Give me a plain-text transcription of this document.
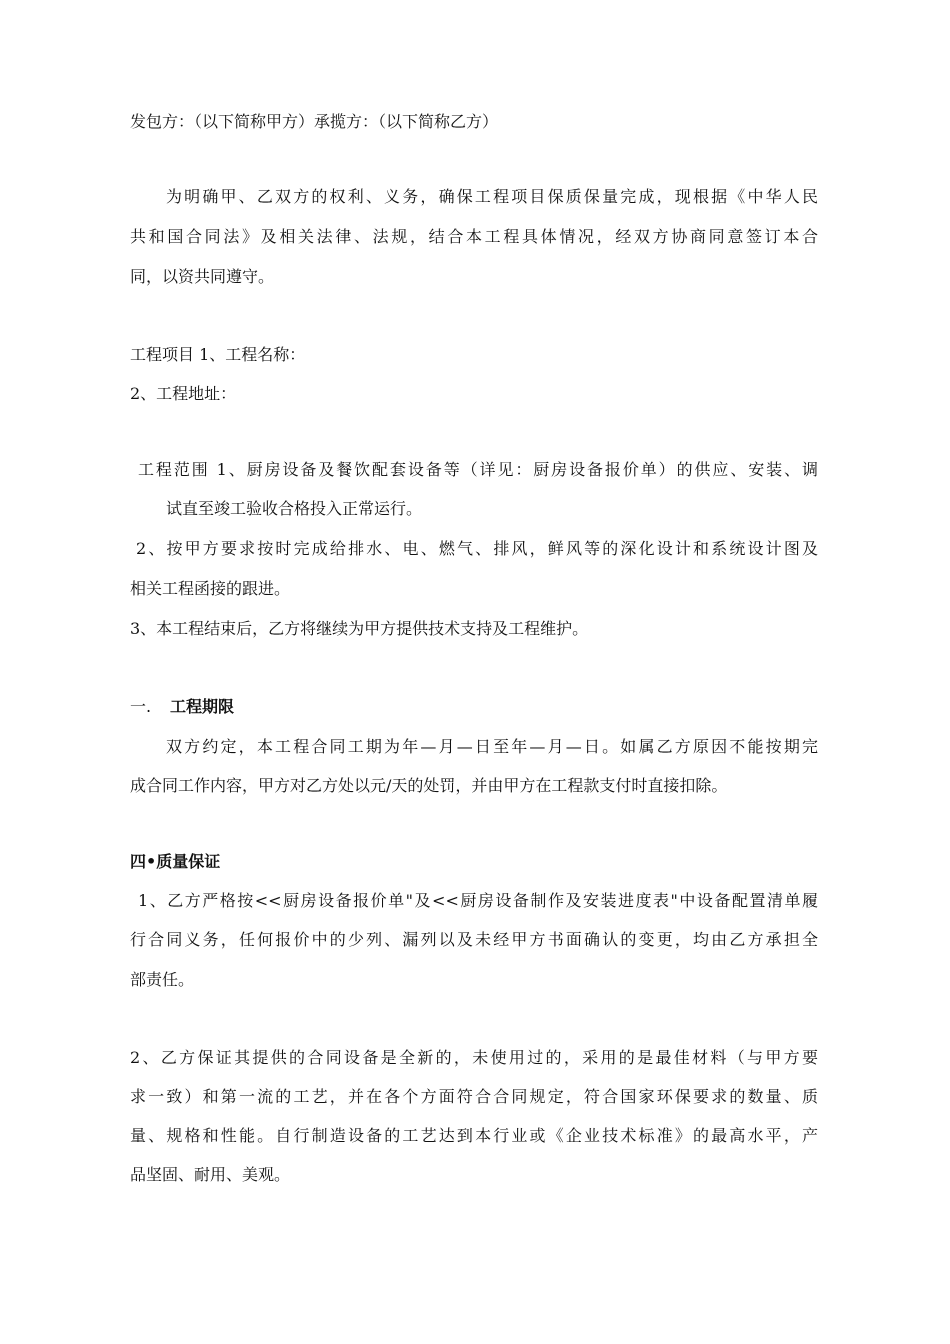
发包方：（以下简称甲方）承揽方：（以下简称乙方）
为明确甲、乙双方的权利、义务，确保工程项目保质保量完成，现根据《中华人民
共和国合同法》及相关法律、法规，结合本工程具体情况，经双方协商同意签订本合
同，以资共同遵守。
工程项目 1、工程名称：
2、工程地址：
工程范围 1、厨房设备及餐饮配套设备等（详见：厨房设备报价单）的供应、安装、调
试直至竣工验收合格投入正常运行。
2、按甲方要求按时完成给排水、电、燃气、排风，鲜风等的深化设计和系统设计图及
相关工程函接的跟进。
3、本工程结束后，乙方将继续为甲方提供技术支持及工程维护。
一. 工程期限
双方约定，本工程合同工期为年—月—日至年—月—日。如属乙方原因不能按期完
成合同工作内容，甲方对乙方处以元/天的处罚，并由甲方在工程款支付时直接扣除。
四•质量保证
1、乙方严格按<<厨房设备报价单"及<<厨房设备制作及安装进度表"中设备配置清单履
行合同义务，任何报价中的少列、漏列以及未经甲方书面确认的变更，均由乙方承担全
部责任。
2、乙方保证其提供的合同设备是全新的，未使用过的，采用的是最佳材料（与甲方要
求一致）和第一流的工艺，并在各个方面符合合同规定，符合国家环保要求的数量、质
量、规格和性能。自行制造设备的工艺达到本行业或《企业技术标准》的最高水平，产
品坚固、耐用、美观。
